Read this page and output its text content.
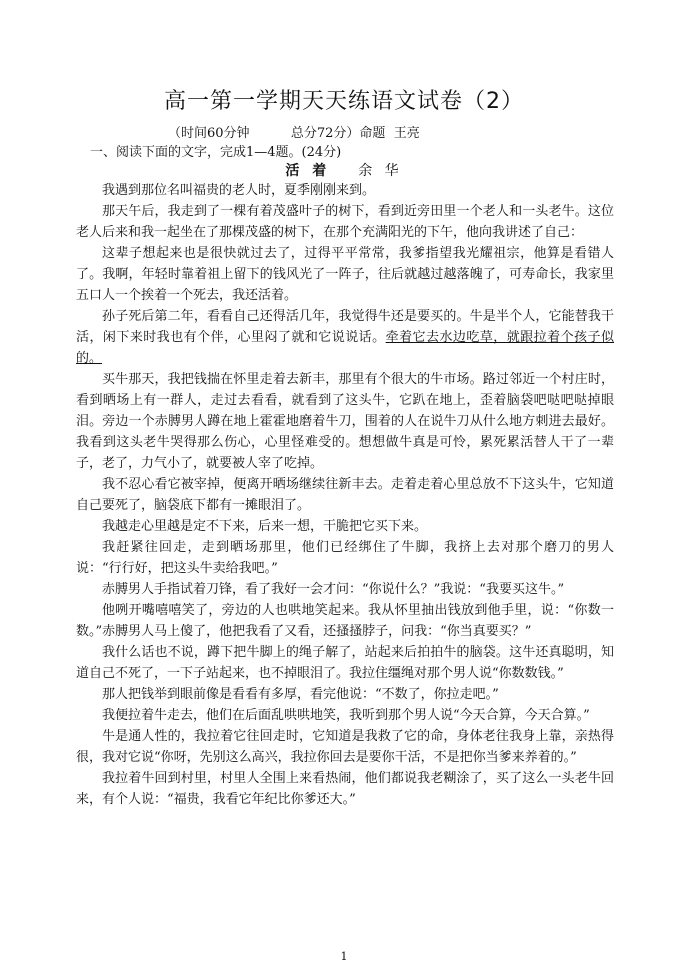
高一第一学期天天练语文试卷（2）
（时间60分钟	总分72分）命题 王亮
一、阅读下面的文字，完成1—4题。(24分)
活 着 余 华

我遇到那位名叫福贵的老人时，夏季刚刚来到。

那天午后，我走到了一棵有着茂盛叶子的树下，看到近旁田里一个老人和一头老牛。这位老人后来和我一起坐在了那棵茂盛的树下，在那个充满阳光的下午，他向我讲述了自己：

这辈子想起来也是很快就过去了，过得平平常常，我爹指望我光耀祖宗，他算是看错人了。我啊，年轻时靠着祖上留下的钱风光了一阵子，往后就越过越落魄了，可寿命长，我家里五口人一个挨着一个死去，我还活着。

孙子死后第二年，看看自己还得活几年，我觉得牛还是要买的。牛是半个人，它能替我干活，闲下来时我也有个伴，心里闷了就和它说说话。牵着它去水边吃草，就跟拉着个孩子似的。

买牛那天，我把钱揣在怀里走着去新丰，那里有个很大的牛市场。路过邻近一个村庄时，看到晒场上有一群人，走过去看看，就看到了这头牛，它趴在地上，歪着脑袋吧哒吧哒掉眼泪。旁边一个赤膊男人蹲在地上霍霍地磨着牛刀，围着的人在说牛刀从什么地方刺进去最好。我看到这头老牛哭得那么伤心，心里怪难受的。想想做牛真是可怜，累死累活替人干了一辈子，老了，力气小了，就要被人宰了吃掉。

我不忍心看它被宰掉，便离开晒场继续往新丰去。走着走着心里总放不下这头牛，它知道自己要死了，脑袋底下都有一摊眼泪了。

我越走心里越是定不下来，后来一想，干脆把它买下来。

我赶紧往回走，走到晒场那里，他们已经绑住了牛脚，我挤上去对那个磨刀的男人说：“行行好，把这头牛卖给我吧。”

赤膊男人手指试着刀锋，看了我好一会才问：“你说什么？”我说：“我要买这牛。”

他咧开嘴嘻嘻笑了，旁边的人也哄地笑起来。我从怀里抽出钱放到他手里，说：“你数一数。”赤膊男人马上傻了，他把我看了又看，还搔搔脖子，问我：“你当真要买？”

我什么话也不说，蹲下把牛脚上的绳子解了，站起来后拍拍牛的脑袋。这牛还真聪明，知道自己不死了，一下子站起来，也不掉眼泪了。我拉住缰绳对那个男人说“你数数钱。”

那人把钱举到眼前像是看看有多厚，看完他说：“不数了，你拉走吧。”

我便拉着牛走去，他们在后面乱哄哄地笑，我听到那个男人说“今天合算，今天合算。”

牛是通人性的，我拉着它往回走时，它知道是我救了它的命，身体老往我身上靠，亲热得很，我对它说“你呀，先别这么高兴，我拉你回去是要你干活，不是把你当爹来养着的。”

我拉着牛回到村里，村里人全围上来看热闹，他们都说我老糊涂了，买了这么一头老牛回来，有个人说：“福贵，我看它年纪比你爹还大。”

1
